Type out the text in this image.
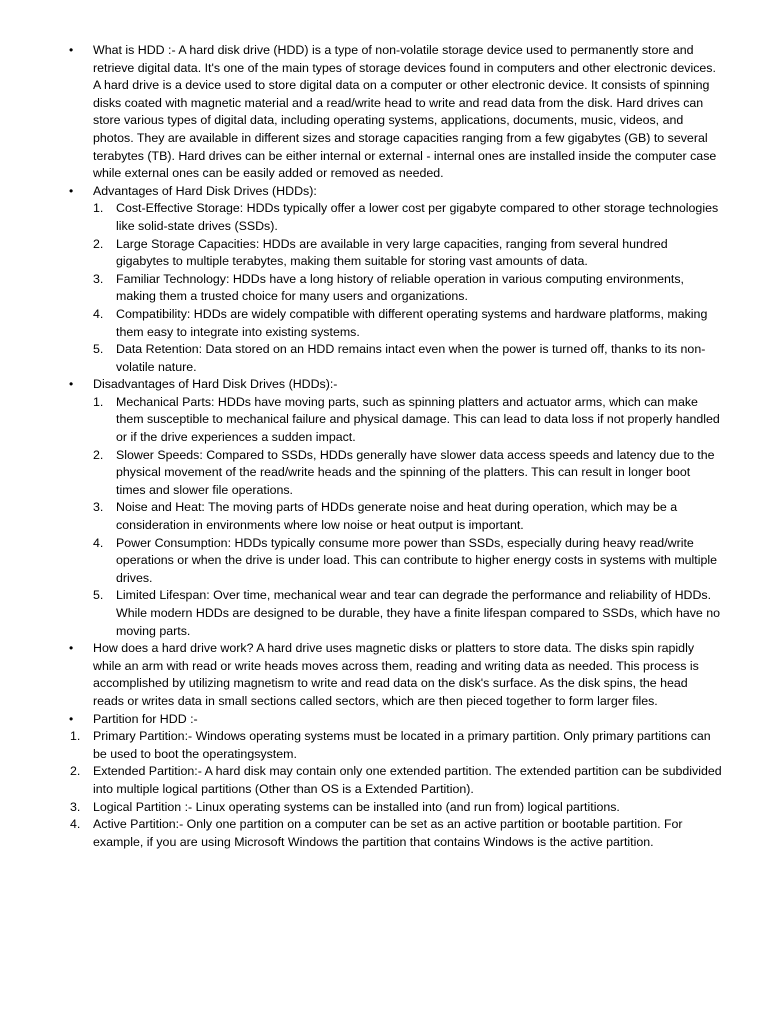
• What is HDD :- A hard disk drive (HDD) is a type of non-volatile storage device used to permanently store and retrieve digital data. It's one of the main types of storage devices found in computers and other electronic devices. A hard drive is a device used to store digital data on a computer or other electronic device. It consists of spinning disks coated with magnetic material and a read/write head to write and read data from the disk. Hard drives can store various types of digital data, including operating systems, applications, documents, music, videos, and photos. They are available in different sizes and storage capacities ranging from a few gigabytes (GB) to several terabytes (TB). Hard drives can be either internal or external - internal ones are installed inside the computer case while external ones can be easily added or removed as needed.
• Advantages of Hard Disk Drives (HDDs):
1. Cost-Effective Storage: HDDs typically offer a lower cost per gigabyte compared to other storage technologies like solid-state drives (SSDs).
2. Large Storage Capacities: HDDs are available in very large capacities, ranging from several hundred gigabytes to multiple terabytes, making them suitable for storing vast amounts of data.
3. Familiar Technology: HDDs have a long history of reliable operation in various computing environments, making them a trusted choice for many users and organizations.
4. Compatibility: HDDs are widely compatible with different operating systems and hardware platforms, making them easy to integrate into existing systems.
5. Data Retention: Data stored on an HDD remains intact even when the power is turned off, thanks to its non-volatile nature.
• Disadvantages of Hard Disk Drives (HDDs):-
1. Mechanical Parts: HDDs have moving parts, such as spinning platters and actuator arms, which can make them susceptible to mechanical failure and physical damage. This can lead to data loss if not properly handled or if the drive experiences a sudden impact.
2. Slower Speeds: Compared to SSDs, HDDs generally have slower data access speeds and latency due to the physical movement of the read/write heads and the spinning of the platters. This can result in longer boot times and slower file operations.
3. Noise and Heat: The moving parts of HDDs generate noise and heat during operation, which may be a consideration in environments where low noise or heat output is important.
4. Power Consumption: HDDs typically consume more power than SSDs, especially during heavy read/write operations or when the drive is under load. This can contribute to higher energy costs in systems with multiple drives.
5. Limited Lifespan: Over time, mechanical wear and tear can degrade the performance and reliability of HDDs. While modern HDDs are designed to be durable, they have a finite lifespan compared to SSDs, which have no moving parts.
• How does a hard drive work? A hard drive uses magnetic disks or platters to store data. The disks spin rapidly while an arm with read or write heads moves across them, reading and writing data as needed. This process is accomplished by utilizing magnetism to write and read data on the disk's surface. As the disk spins, the head reads or writes data in small sections called sectors, which are then pieced together to form larger files.
• Partition for HDD :-
1. Primary Partition:- Windows operating systems must be located in a primary partition. Only primary partitions can be used to boot the operatingsystem.
2. Extended Partition:- A hard disk may contain only one extended partition. The extended partition can be subdivided into multiple logical partitions (Other than OS is a Extended Partition).
3. Logical Partition :- Linux operating systems can be installed into (and run from) logical partitions.
4. Active Partition:- Only one partition on a computer can be set as an active partition or bootable partition. For example, if you are using Microsoft Windows the partition that contains Windows is the active partition.
